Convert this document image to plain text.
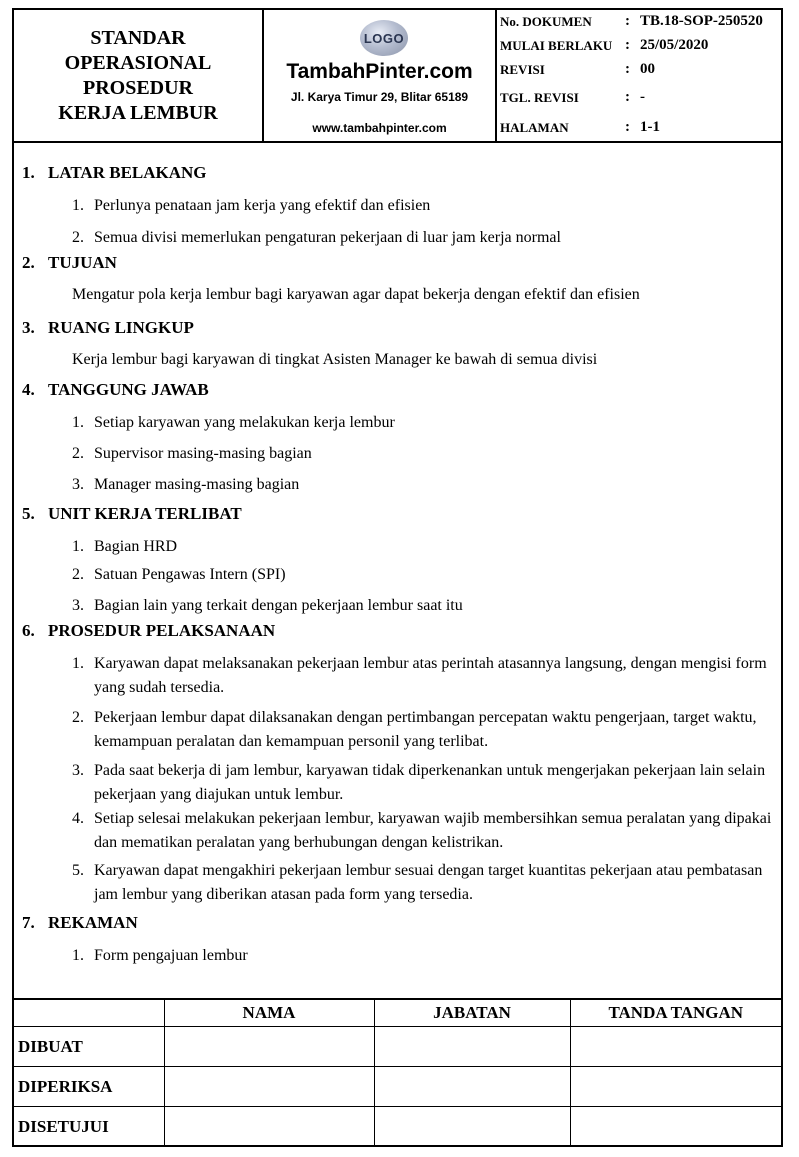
STANDAR
OPERASIONAL
PROSEDUR
KERJA LEMBUR
LOGO
TambahPinter.com
Jl. Karya Timur 29, Blitar 65189
www.tambahpinter.com
No. DOKUMEN : TB.18-SOP-250520
MULAI BERLAKU : 25/05/2020
REVISI	: 00
TGL. REVISI	: -
HALAMAN	: 1-1
1. LATAR BELAKANG
1. Perlunya penataan jam kerja yang efektif dan efisien
2. Semua divisi memerlukan pengaturan pekerjaan di luar jam kerja normal
2. TUJUAN
Mengatur pola kerja lembur bagi karyawan agar dapat bekerja dengan efektif dan efisien
3. RUANG LINGKUP
Kerja lembur bagi karyawan di tingkat Asisten Manager ke bawah di semua divisi
4. TANGGUNG JAWAB
1. Setiap karyawan yang melakukan kerja lembur
2. Supervisor masing-masing bagian
3. Manager masing-masing bagian
5. UNIT KERJA TERLIBAT
1. Bagian HRD
2. Satuan Pengawas Intern (SPI)
3. Bagian lain yang terkait dengan pekerjaan lembur saat itu
6. PROSEDUR PELAKSANAAN
1. Karyawan dapat melaksanakan pekerjaan lembur atas perintah atasannya langsung, dengan mengisi form yang sudah tersedia.
2. Pekerjaan lembur dapat dilaksanakan dengan pertimbangan percepatan waktu pengerjaan, target waktu, kemampuan peralatan dan kemampuan personil yang terlibat.
3. Pada saat bekerja di jam lembur, karyawan tidak diperkenankan untuk mengerjakan pekerjaan lain selain pekerjaan yang diajukan untuk lembur.
4. Setiap selesai melakukan pekerjaan lembur, karyawan wajib membersihkan semua peralatan yang dipakai dan mematikan peralatan yang berhubungan dengan kelistrikan.
5. Karyawan dapat mengakhiri pekerjaan lembur sesuai dengan target kuantitas pekerjaan atau pembatasan jam lembur yang diberikan atasan pada form yang tersedia.
7. REKAMAN
1. Form pengajuan lembur
	NAMA	JABATAN	TANDA TANGAN
DIBUAT			
DIPERIKSA			
DISETUJUI			
